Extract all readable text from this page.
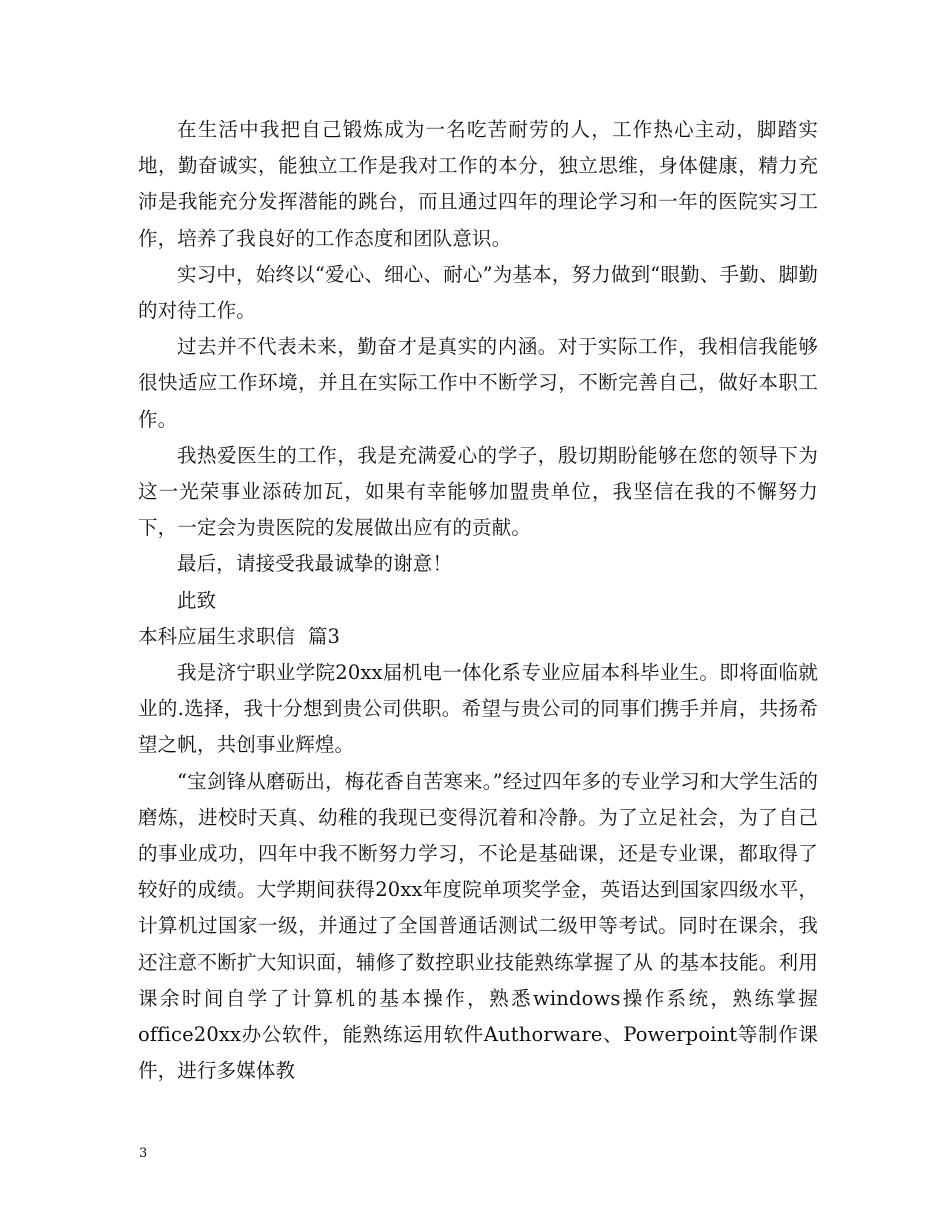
在生活中我把自己锻炼成为一名吃苦耐劳的人，工作热心主动，脚踏实地，勤奋诚实，能独立工作是我对工作的本分，独立思维，身体健康，精力充沛是我能充分发挥潜能的跳台，而且通过四年的理论学习和一年的医院实习工作，培养了我良好的工作态度和团队意识。

实习中，始终以“爱心、细心、耐心”为基本，努力做到“眼勤、手勤、脚勤的对待工作。

过去并不代表未来，勤奋才是真实的内涵。对于实际工作，我相信我能够很快适应工作环境，并且在实际工作中不断学习，不断完善自己，做好本职工作。

我热爱医生的工作，我是充满爱心的学子，殷切期盼能够在您的领导下为这一光荣事业添砖加瓦，如果有幸能够加盟贵单位，我坚信在我的不懈努力下，一定会为贵医院的发展做出应有的贡献。

最后，请接受我最诚挚的谢意！

此致

本科应届生求职信  篇3

我是济宁职业学院20xx届机电一体化系专业应届本科毕业生。即将面临就业的.选择，我十分想到贵公司供职。希望与贵公司的同事们携手并肩，共扬希望之帆，共创事业辉煌。

“宝剑锋从磨砺出，梅花香自苦寒来。”经过四年多的专业学习和大学生活的磨炼，进校时天真、幼稚的我现已变得沉着和冷静。为了立足社会，为了自己的事业成功，四年中我不断努力学习，不论是基础课，还是专业课，都取得了较好的成绩。大学期间获得20xx年度院单项奖学金，英语达到国家四级水平，计算机过国家一级，并通过了全国普通话测试二级甲等考试。同时在课余，我还注意不断扩大知识面，辅修了数控职业技能熟练掌握了从 的基本技能。利用课余时间自学了计算机的基本操作，熟悉windows操作系统，熟练掌握office20xx办公软件，能熟练运用软件Authorware、Powerpoint等制作课件，进行多媒体教

3
